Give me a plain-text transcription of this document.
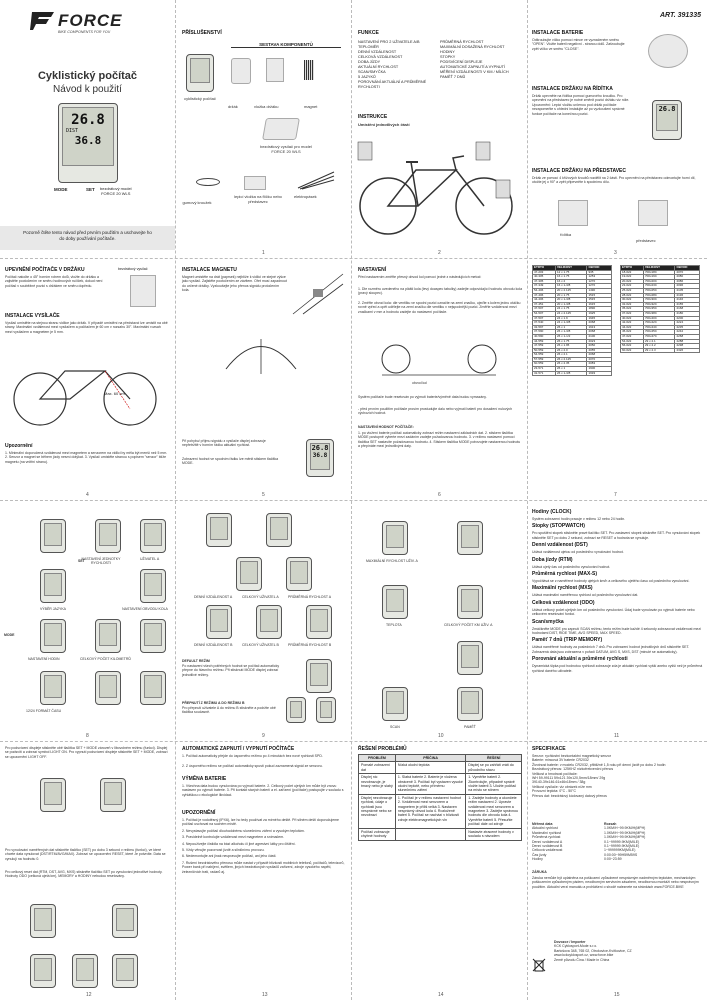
FORCE
BIKE COMPONENTS FOR YOU
Cyklistický počítač
Návod k použití
26.8
DIST
36.8
MODE	SET bezdrátový model
FORCE 20 WLS
Pozorně čtěte tento návod před prvním použitím a uschovejte ho do doby používání počítače.
PŘÍSLUŠENSTVÍ
SESTAVA KOMPONENTŮ
cyklistický počítač
držák	vložka držáku	magnet
bezdrátový vysílač pro model FORCE 20 WLS
gumový kroužek
lepicí vložka na flíčku nebo představec
elektropásek
1
FUNKCE
NASTAVENÍ PRO 2 UŽIVATELE A/B
TEPLOMĚR
DENNÍ VZDÁLENOST
CELKOVÁ VZDÁLENOST
DOBA JÍZDY
AKTUÁLNÍ RYCHLOST
SCAN/SMYČKA
5 JAZYKŮ
POROVNÁNÍ AKTUÁLNÍ A PRŮMĚRNÉ RYCHLOSTI
PRŮMĚRNÁ RYCHLOST
MAXIMÁLNÍ DOSAŽENÁ RYCHLOST
HODINY
STOPKY
PODSVÍCENÍ DISPLEJE
AUTOMATICKÉ ZAPNUTÍ A VYPNUTÍ
MĚŘENÍ VZDÁLENOSTI V KM / MÍLÍCH
PAMĚŤ 7 DNŮ
INSTRUKCE
Umístění jednotlivých částí
2
ART. 391335
INSTALACE BATERIE
Odšroubujte víčko pomocí mince ve vyznačeném směru "OPEN". Vložte baterii negativní - stranou dolů. Zašroubujte zpět víčko ve směru "CLOSE".
INSTALACE DRŽÁKU NA ŘÍDÍTKA
Držák upevněte na řídítka pomocí gumového kroužku. Pro upevnění na představec je nutné změnit pozici držáku viz níže. Upozornění: Lepicí vložku určenou pod držák počítače nezapomeňte s ohlední instalujte až po vyzkoušení správné funkce počítače na konečnou pozici.
26.8
INSTALACE DRŽÁKU NA PŘEDSTAVEC
Držák ze pomocí 4 křížových šroubů rozdělit na 2 části. Pro upevnění na představec odmontujte horní díl, otočte jej o 90° a zpět připevněte k spodnímu dílu.
řídítka
představec
3
UPEVNĚNÍ POČÍTAČE V DRŽÁKU
Počítač natočte o 45° horním rohem dolů, vložte do držáku a zajistěte pootočením ve směru hodinových ručiček, dokud není počítač v souběžné pozici s držákem ve směru dopředu.
bezdrátový vysílač
INSTALACE VYSÍLAČE
Vysílač umístěte na stejnou stranu vidlice jako držák. V případě umístění na představci lze umístit na obě strany. Maximální vzdálenost mezi vysílačem a počítačem je 60 cm v rozsahu 30°. Maximální rozsah mezi vysílačem a magnetem je 5 mm.
Max. 60 cm
Upozornění
1. Minimální doporučená vzdálenost mezi magnetem a senzorem na vidlici by měla být menší než 5 mm. 2. Senzor a magnet se během jízdy nesmí dotýkat. 3. Vysílač umístěte stranou s popisem "senzor" blíže magnetu (na vnitřní stranu).
4
INSTALACE MAGNETU
Magnet umístěte na drát (paprsek) nejblíže k vidlici ve stejné výšce jako vysílač. Zajistěte pootočením ze závitem. Ořet musí zapadnout do určené drážky. Vyzkoušejte jeho přenos signálu protočením kola.
Při pohybu/ příjmu signálu z vysílače displej zobrazuje nepřetržitě v horním řádku aktuální rychlost.
Zobrazení hodnot ve spodním řádku lze měnit stiskem tlačítka MODE.
26.8
36.8
5
NASTAVENÍ
Před nastavením změřte přesný obvod kol pomocí jedné z následujících metod:
1. Dle rozměru uvedeného na plášti kola (levý doaspec tabulky) zadejte odpovídající hodnotu obvodu kola (pravý sloupec).
2. Změřte obvod kola: dle ventilku ve spodní pozici označte na zemi značku, ujeďte s kolem jednu otáčku rovně vpřed a opět udělejte na zemi značku dle ventilku v nejspodnější pozici. Změřte vzdálenost mezi značkami v mm a hodnotu zadejte do nastavení počítače.
obvod kol
Systém počítače bude resetován po vyjmutí baterie/výměně data budou vymazány.
- před prvním použitím počítače prosím prostudujte dalu nebo vyjmutí baterii pro dosažení nulových výchozích hodnot.
NASTAVENÍ HODNOT POČÍTAČE:
1. po vložení baterie počítač automaticky zobrazí režim nastavení základních dat. 2. stiskem tlačítka MODE postupně vyberte mezi zadáním zadejte požadovanou hodnotu. 3. v režimu nastavení pomocí tlačítka SET nastavíte požadovanou hodnotu. 4. Stiskem tlačítka MODE potvrzujete nastavenou hodnotu a přepínáte mezi jednotlivými daty.
6
ETRTO	VELIKOST	OBVOD
47-203	12 x 1.75	935
40-305	16 x 1.75	1253
47-305	16 x 2	1270
37-349	16 x 1-3/8	1270
54-406	20 x 2.125	1490
47-406	20 x 1.75	1515
44-406	20 x 1-3/8	1515
37-451	20 x 1-3/8	1615
47-507	24 x 1.75	1890
54-507	24 x 2.125	1925
47-507	24 x 1.9	1945
37-540	24 x 1-3/8	2068
32-597	26 x 1	1913
37-590	26 x 1-3/8	2068
40-590	26 x 1-1/2	2100
44-559	26 x 1.75	2023
47-559	26 x 1.95	2050
50-559	26 x 2.0	2055
54-559	26 x 2.1	2068
57-559	26 x 2.125	2070
60-559	26 x 2.35	2083
23-571	26 x 1	1900
32-571	26 x 1-3/8	1993
ETRTO	VELIKOST	OBVOD
18-622	700x18C	2070
19-622	700x19C	2080
20-622	700x20C	2086
23-622	700x23C	2096
25-622	700x25C	2105
28-622	700x28C	2136
30-622	700x30C	2146
32-622	700x32C	2155
35-622	700x35C	2168
37-622	700x38C	2180
40-622	700x40C	2200
42-622	700x42C	2224
44-622	700x44C	2235
45-622	700x45C	2242
47-622	700x47C	2268
54-622	29 x 2.1	2288
56-622	29 x 2.2	2298
60-622	29 x 2.3	2326
7
NASTAVENÍ JEDNOTKY RYCHLOSTI
UŽIVATEL A
VÝBĚR JAZYKA	NASTAVENÍ OBVODU KOLA
NASTAVENÍ HODIN	CELKOVÝ POČET KILOMETRŮ
12/24 FORMÁT ČASU
MODE
SET
8
DENNÍ VZDÁLENOST A	CELKOVÝ UŽIVATEL A	PRŮMĚRNÁ RYCHLOST A
DENNÍ VZDÁLENOST B	CELKOVÝ UŽIVATEL B	PRŮMĚRNÁ RYCHLOST B
DEFAULT REŽIM
Po nastavení všech potřebných hodnot se počítač automaticky přepne do hlavního režimu. Při stisknutí MODE displej zobrazí jednotlivé režimy.
PŘEPNUTÍ Z REŽIMU A DO REŽIMU B
Pro přepnutí uživatele A do režimu B stiskněte a podržte obě tlačítka současně.
9
MAXIMÁLNÍ RYCHLOST UŽIV. A
TEPLOTA	CELKOVÝ POČET KM UŽIV. A
SCAN	PAMĚŤ
10
Hodiny (CLOCK)
Systém zobrazení hodin pracuje v režimu 12 nebo 24 hodin.
Stopky (STOPWATCH)
Pro spuštění stopek stiskněte pravé tlačítko SET. Pro zastavení stopek stiskněte SET. Pro vynulování stopek stiskněte SET po dobu 2 sekund, zobrazí se RESET a hodnota se vynuluje.
Denní vzdálenost (DST)
Udává vzdálenost ujetou od posledního vynulování hodnot.
Doba jízdy (RTM)
Udává ujetý čas od posledního vynulování hodnot.
Průměrná rychlost (MAX-S)
Vypočítává se z naměřené hodnoty ujetých km/h a celkového ujetého času od posledního vynulování.
Maximální rychlost (MXS)
Udává maximální naměřenou rychlost od posledního vynulování dat.
Celková vzdálenost (ODO)
Udává celkový počet ujetých km od posledního vynulování. Údaj bude vynulován po vyjmutí baterie nebo celkovém resetování funkcí.
Scan/smyčka
Zmáčkněte MODE pro zapnutí SCAN režimu, tento režim bude každé 4 sekundy zobrazovat vzdálenost mezi hodnotami DIST, RIDE TIME, AVG SPEED, MAX SPEED.
Paměť 7 dnů (TRIP MEMORY)
Udává naměřené hodnoty za posledních 7 dnů. Pro zobrazení hodnot jednotlivých dnů stiskněte SET. Zobrazená data jsou zobrazena v pořadí DATUM, AVG S, MXS, DST (minulé se automaticky).
Porovnání aktuální a průměrné rychlosti
Dynamická šipka pod hodnotou rychlosti zobrazuje zda je aktuální rychlost vyšší anebo vyšší než je průměrná rychlost daného uživatele.
11
Pro podsvícení displeje stiskněte obě tlačítka SET + MODE zároveň v libovolném režimu (funkci). Displej se podsvítí a zobrazí symbol LIGHT ON. Pro vypnutí podsvícení displeje stiskněte SET + MODE, zobrazí se upozornění LIGHT OFF.
Pro vynulování naměřených dat stiskněte tlačítko (SET) po dobu 3 sekund v režimu (funkci), ve které chcete data vynulovat (DST/RTM/AVG/MAX). Zobrazí se upozornění RESET, které Je potvrdte. Data se vynulují na hodnotu 0.
Pro celkový reset dat (RTM, DST, AVG, MXS) stiskněte tlačítko SET po vynulování jednotlivé hodnoty. Hodnoty ODO (celková ujetá km), MEMORY a HODINY nebudou resetovány.
12
AUTOMATICKÉ ZAPNUTÍ / VYPNUTÍ POČÍTAČE
1. Počítač automaticky přejde do úsporného režimu po 4 minutách bez nové rychlosti SPD.
2. Z úsporného režimu se počítač automaticky spustí pokud zaznamená signál ze senzoru.
VÝMĚNA BATERIE
1. Všechna data budou vynulována po vyjmutí baterie. 2. Celkový počet ujetých km může být znovu nastaven po vyjmutí baterie. 3. Při kontakt starých baterií a el. zařízení (počítače) postupujte v souladu s vyhláškou o ekologické likvidaci.
UPOZORNĚNÍ
1. Počítač je vodotěsný (IPX6), lze ho tedy používat za mírného deště. Při silném dešti doporučujeme počítač uschovat na suchém místě.
2. Nevystavujte počítač dlouhodobému slunečnímu záření a vysokým teplotám.
3. Pravidelně kontrolujte vzdálenost mezi magnetem a snímačem.
4. Nepoužívejte čistidla na bázi alkoholu či jiné agresivní látky pro čištění.
5. Vždy věnujte pozornost jízdě a silničnímu provozu.
6. Nedemontujte ani jinak neupravujte počítač, ani jeho části.
7. Rušení bezdrátového přenosu může nastat v případě blízkosti mobilních telefonů, počítačů, televizorů, Power bank při nabíjení, světlem, jiných bezdrátových vysílačů zařízení, zdroje vysokého napětí, železničních tratí, radarů aj.
13
ŘEŠENÍ PROBLÉMŮ
PROBLÉM	PŘÍČINA	ŘEŠENÍ
Pomalé zobrazení dat	Nízká okolní teplota	Displej se po zahřátí vrátí do původního stavu
Displej nic nezobrazuje, je tmavý nebo je slabý	1. Slabá baterie 2. Baterie je vložena obráceně 3. Počítač byl vystaven vysoké okolní teplotě, nebo přímému slunečnímu záření	1. Vyměňte baterii 2. Zkontrolujte, připadně správě vložte baterii 3. Uložte počítač na místo se stínem
Displej nezobrazuje rychlost, údaje o rychlosti jsou nesprávné nebo se nezobrazí	1. Počítač je v režimu nastavení hodnot 2. Vzdálenost mezi senzorem a magnetem je příliš velká 3. Nastaven nesprávný obvod kola 4. Rozloženě bateri 5. Počítač se nachází v blízkosti zdroje elektromagnetických vln	1. Zadejte hodnoty a ukončete režim nastavení 2. Upravte vzdálenost mezi senzorem a magnetem 3. Zadejte správnou hodnotu dle obvodu kola 4. Vyměňte baterii 5. Přesuňte počítač dále od zdroje
Počítač zobrazuje chybné hodnoty		Nastavte ztracené hodnoty v souladu s návodem
14
SPECIFIKACE
Senzor: rychlostní bezkontaktní magnetický senzor
Baterie: mincová 3V baterie CR2032
Životnost baterie: v modelu CR2032, přibližně 1,5 roku při denní jízdě po dobu 2 hodin
Bezdrátový přenos: 125KHZ nízkofrekvenční přenos
Velikost a hmotnost počítače:
WH 59-99111 59x121 39x120,5mm/18mm/ 29g
39140-39x146-61x46x18mm / 38g
Velikost vysílače: viz obrázek níže mm
Provozní teplota: 0°C - 50°C
Přenos dat: bezdrátový kódovaný datový přenos
Měřená data	Rozsah
Aktuální rychlost	1.0KM/H~99.9KM/H(MPH)
Maximální rychlost	1.0KM/H~99.9KM/H(MPH)
Průměrná rychlost	1.0KM/H~99.9KM/H(MPH)
Denní vzdálenost A	0.1~99999.9KM(MILE)
Denní vzdálenost B	0.1~99999.9KM(MILE)
Celková vzdálenost	1~999999KM(MILE)
Čas jízdy	0:00:00~99H59M59S
Hodiny	0:00~23:59
ZÁRUKA
Záruka nemůže být uplatněna na poškození způsobené nesprávným nadměrným teplotám, mechanickým poškozením způsobeným pádem, neodborným servisním zásahem, neodbornou montáží nebo nesprávným použitím. Aktuální verzi manuálu a prohlášení o shodě naleznete na stránkách www.FORCE.BIKE
Dovozce / Importer
KCK Cyklosport-Mode s.r.o.
Bartošova 348, 765 02, Otrokovice-Kvítkovice, CZ
www.kckcyklosport.cz, www.force.bike
Země původu Čína / Made in China
15
